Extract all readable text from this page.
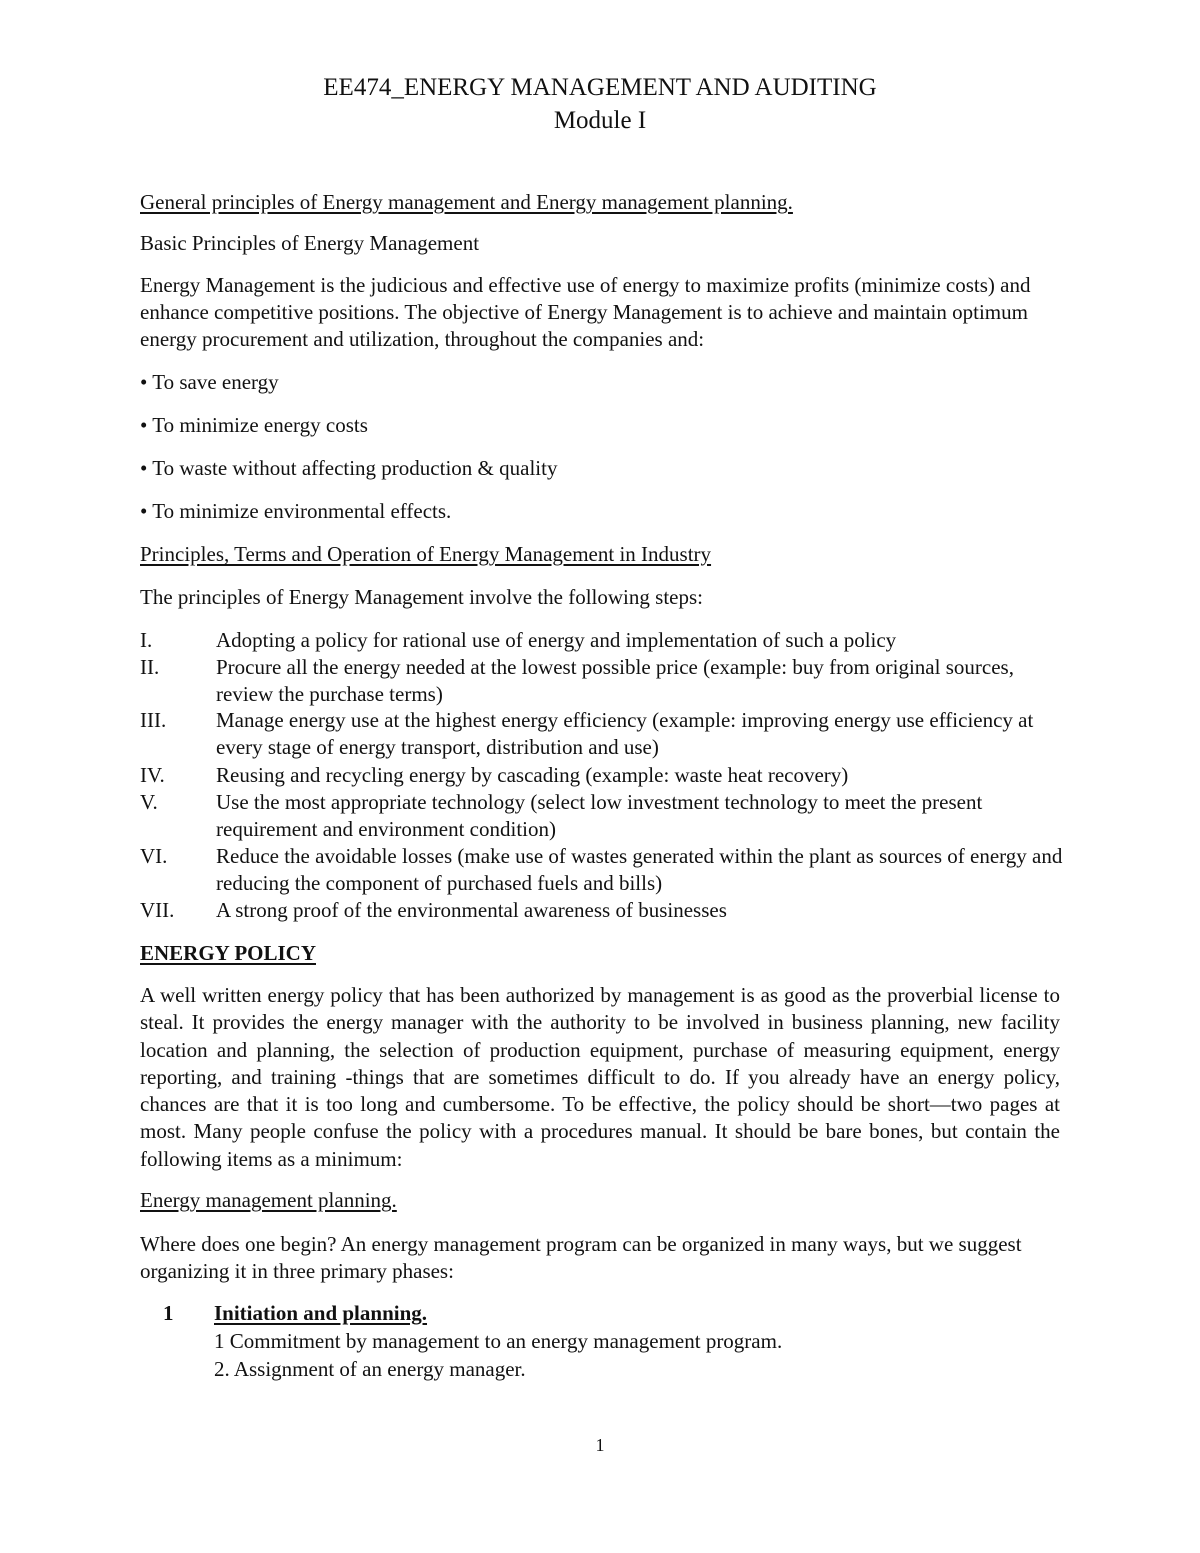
EE474_ENERGY MANAGEMENT AND AUDITING
Module I
General principles of Energy management and Energy management planning.
Basic Principles of Energy Management
Energy Management is the judicious and effective use of energy to maximize profits (minimize costs) and enhance competitive positions. The objective of Energy Management is to achieve and maintain optimum energy procurement and utilization, throughout the companies and:
• To save energy
• To minimize energy costs
• To waste without affecting production & quality
• To minimize environmental effects.
Principles, Terms and Operation of Energy Management in Industry
The principles of Energy Management involve the following steps:
I.	Adopting a policy for rational use of energy and implementation of such a policy
II.	Procure all the energy needed at the lowest possible price (example: buy from original sources, review the purchase terms)
III. Manage energy use at the highest energy efficiency (example: improving energy use efficiency at every stage of energy transport, distribution and use)
IV. Reusing and recycling energy by cascading (example: waste heat recovery)
V.	Use the most appropriate technology (select low investment technology to meet the present requirement and environment condition)
VI. Reduce the avoidable losses (make use of wastes generated within the plant as sources of energy and reducing the component of purchased fuels and bills)
VII. A strong proof of the environmental awareness of businesses
ENERGY POLICY
A well written energy policy that has been authorized by management is as good as the proverbial license to steal. It provides the energy manager with the authority to be involved in business planning, new facility location and planning, the selection of production equipment, purchase of measuring equipment, energy reporting, and training -things that are sometimes difficult to do. If you already have an energy policy, chances are that it is too long and cumbersome. To be effective, the policy should be short—two pages at most. Many people confuse the policy with a procedures manual. It should be bare bones, but contain the following items as a minimum:
Energy management planning.
Where does one begin? An energy management program can be organized in many ways, but we suggest organizing it in three primary phases:
1 Initiation and planning.
1 Commitment by management to an energy management program.
2. Assignment of an energy manager.
1
